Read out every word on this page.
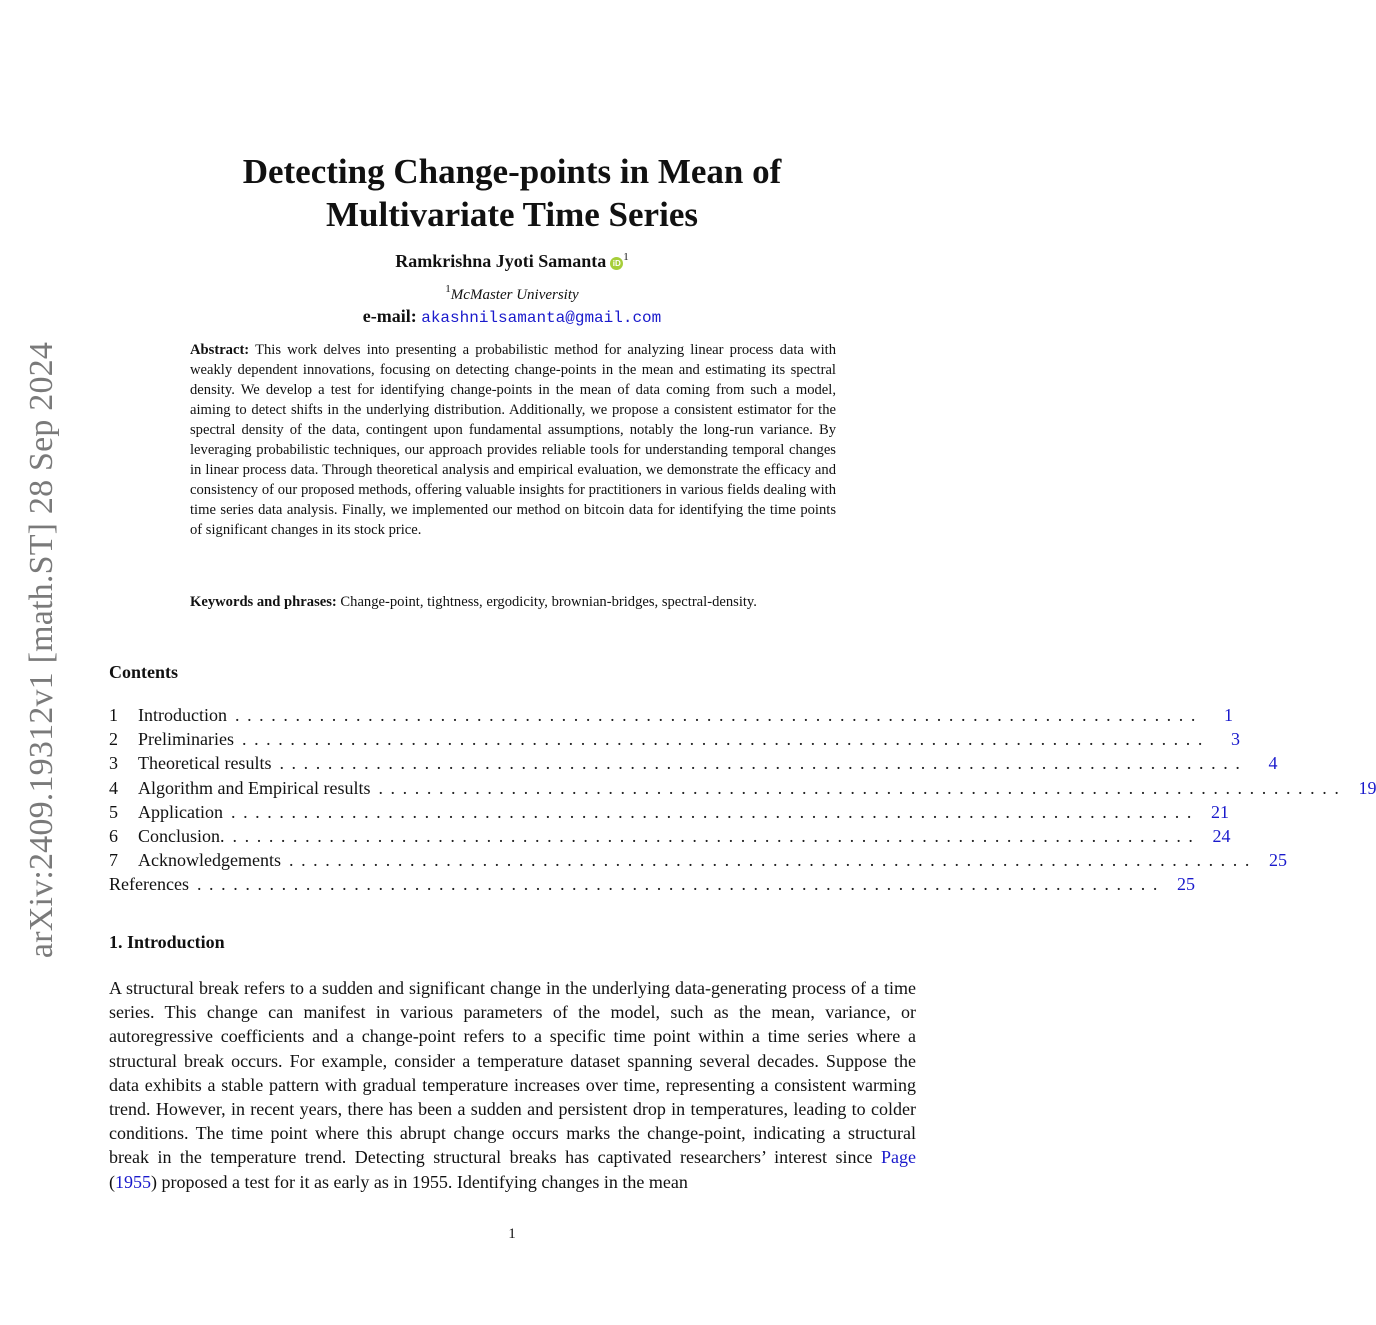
arXiv:2409.19312v1 [math.ST] 28 Sep 2024
Detecting Change-points in Mean of
Multivariate Time Series
Ramkrishna Jyoti Samanta $iD^1$
$^1$McMaster University
e-mail: akashnilsamanta@gmail.com
Abstract: This work delves into presenting a probabilistic method for analyzing linear process data with weakly dependent innovations, focusing on detecting change-points in the mean and estimating its spectral density. We develop a test for identifying change-points in the mean of data coming from such a model, aiming to detect shifts in the underlying distribution. Additionally, we propose a consistent estimator for the spectral density of the data, contingent upon fundamental assumptions, notably the long-run variance. By leveraging probabilistic techniques, our approach provides reliable tools for understanding temporal changes in linear process data. Through theoretical analysis and empirical evaluation, we demonstrate the efficacy and consistency of our proposed methods, offering valuable insights for practitioners in various fields dealing with time series data analysis. Finally, we implemented our method on bitcoin data for identifying the time points of significant changes in its stock price.
Keywords and phrases: Change-point, tightness, ergodicity, brownian-bridges, spectral-density.
Contents
1	Introduction ................................................................................	1
2	Preliminaries ................................................................................	3
3	Theoretical results ................................................................................	4
4	Algorithm and Empirical results ................................................................................ 19
5	Application ................................................................................ 21
6	Conclusion. ................................................................................ 24
7	Acknowledgements ................................................................................ 25
References ................................................................................ 25
1. Introduction
A structural break refers to a sudden and significant change in the underlying data-generating process of a time series. This change can manifest in various parameters of the model, such as the mean, variance, or autoregressive coefficients and a change-point refers to a specific time point within a time series where a structural break occurs. For example, consider a temperature dataset spanning several decades. Suppose the data exhibits a stable pattern with gradual temperature increases over time, representing a consistent warming trend. However, in recent years, there has been a sudden and persistent drop in temperatures, leading to colder conditions. The time point where this abrupt change occurs marks the change-point, indicating a structural break in the temperature trend. Detecting structural breaks has captivated researchers’ interest since Page (1955) proposed a test for it as early as in 1955. Identifying changes in the mean
1
